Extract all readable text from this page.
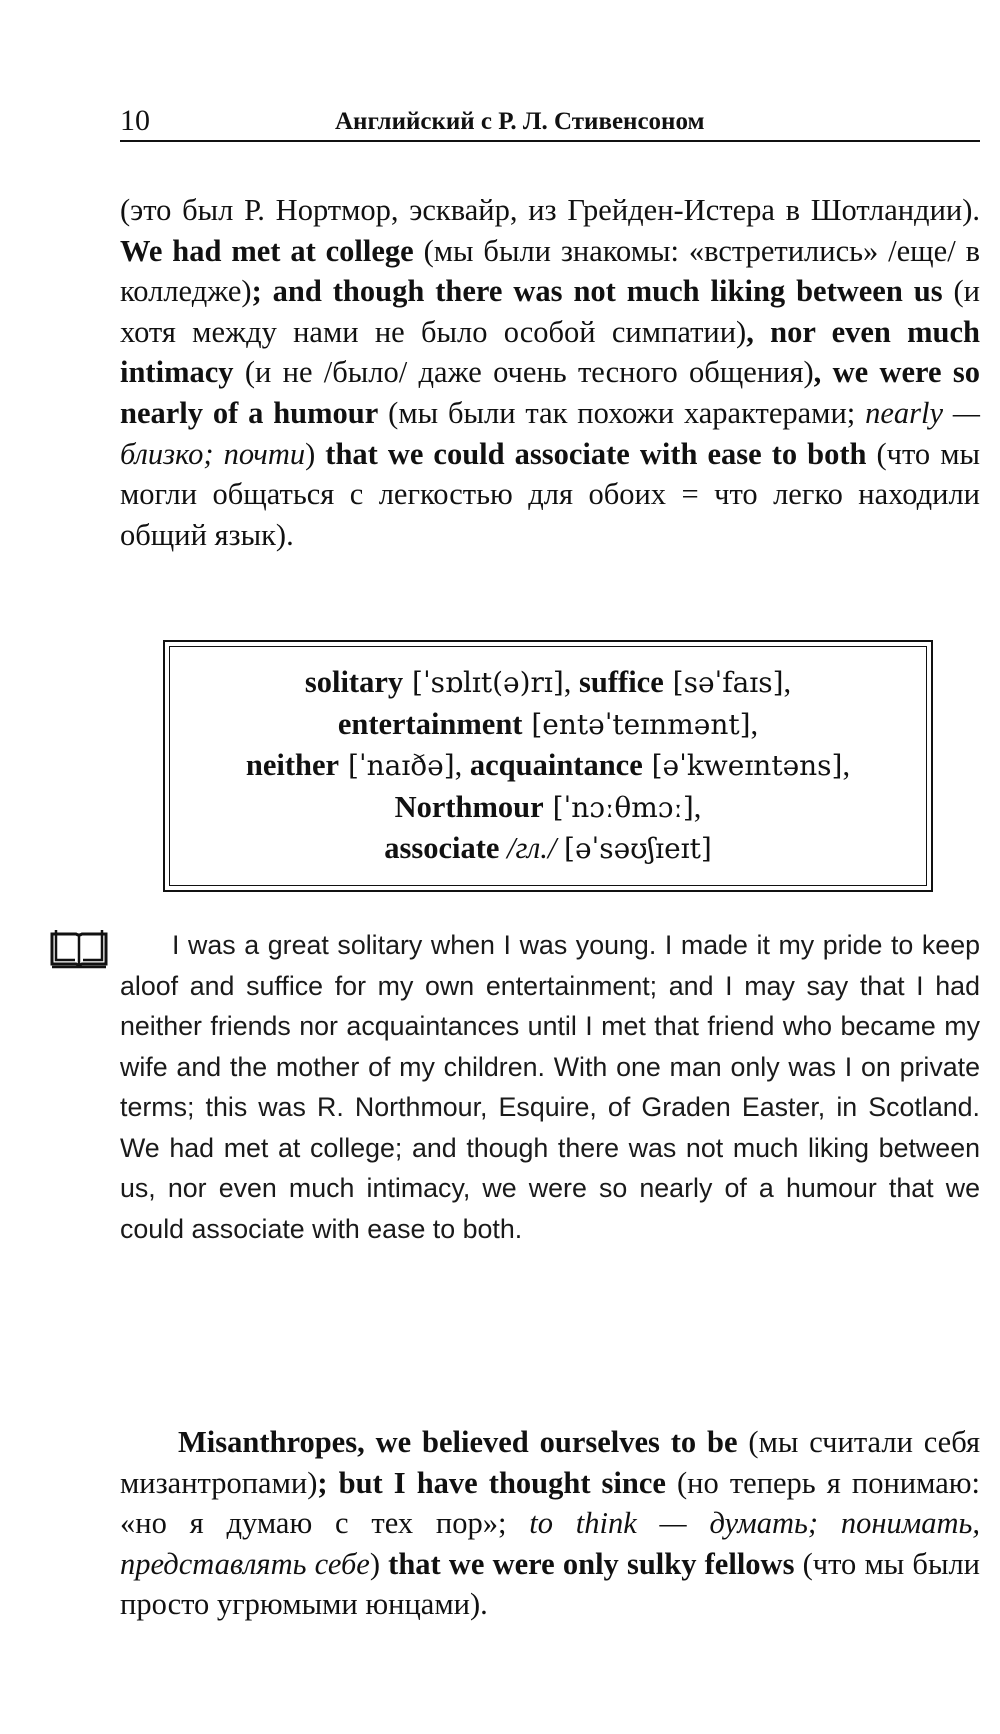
10	Английский с Р. Л. Стивенсоном
(это был Р. Нортмор, эсквайр, из Грейден-Истера в Шотландии). We had met at college (мы были знакомы: «встретились» /еще/ в колледже); and though there was not much liking between us (и хотя между нами не было особой симпатии), nor even much intimacy (и не /было/ даже очень тесного общения), we were so nearly of a humour (мы были так похожи характерами; nearly — близко; почти) that we could associate with ease to both (что мы могли общаться с легкостью для обоих = что легко находили общий язык).
solitary [ˈsɒlɪt(ə)rɪ], suffice [səˈfaɪs],
entertainment [entəˈteɪnmənt],
neither [ˈnaɪðə], acquaintance [əˈkweɪntəns],
Northmour [ˈnɔːθmɔː],
associate /гл./ [əˈsəʊʃɪeɪt]
I was a great solitary when I was young. I made it my pride to keep aloof and suffice for my own entertainment; and I may say that I had neither friends nor acquaintances until I met that friend who became my wife and the mother of my children. With one man only was I on private terms; this was R. Northmour, Esquire, of Graden Easter, in Scotland. We had met at college; and though there was not much liking between us, nor even much intimacy, we were so nearly of a humour that we could associate with ease to both.
Misanthropes, we believed ourselves to be (мы считали себя мизантропами); but I have thought since (но теперь я понимаю: «но я думаю с тех пор»; to think — думать; понимать, представлять себе) that we were only sulky fellows (что мы были просто угрюмыми юнцами).
